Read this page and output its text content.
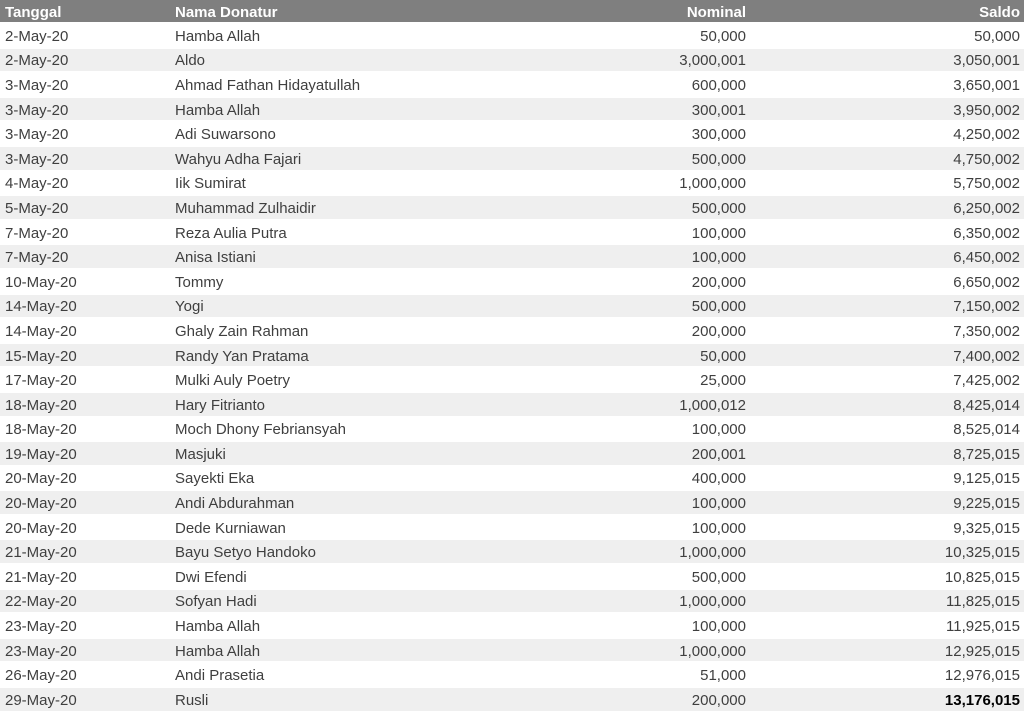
Tanggal	Nama Donatur	Nominal	Saldo
2-May-20	Hamba Allah	50,000	50,000
2-May-20	Aldo	3,000,001	3,050,001
3-May-20	Ahmad Fathan Hidayatullah	600,000	3,650,001
3-May-20	Hamba Allah	300,001	3,950,002
3-May-20	Adi Suwarsono	300,000	4,250,002
3-May-20	Wahyu Adha Fajari	500,000	4,750,002
4-May-20	Iik Sumirat	1,000,000	5,750,002
5-May-20	Muhammad Zulhaidir	500,000	6,250,002
7-May-20	Reza Aulia Putra	100,000	6,350,002
7-May-20	Anisa Istiani	100,000	6,450,002
10-May-20	Tommy	200,000	6,650,002
14-May-20	Yogi	500,000	7,150,002
14-May-20	Ghaly Zain Rahman	200,000	7,350,002
15-May-20	Randy Yan Pratama	50,000	7,400,002
17-May-20	Mulki Auly Poetry	25,000	7,425,002
18-May-20	Hary Fitrianto	1,000,012	8,425,014
18-May-20	Moch Dhony Febriansyah	100,000	8,525,014
19-May-20	Masjuki	200,001	8,725,015
20-May-20	Sayekti Eka	400,000	9,125,015
20-May-20	Andi Abdurahman	100,000	9,225,015
20-May-20	Dede Kurniawan	100,000	9,325,015
21-May-20	Bayu Setyo Handoko	1,000,000	10,325,015
21-May-20	Dwi Efendi	500,000	10,825,015
22-May-20	Sofyan Hadi	1,000,000	11,825,015
23-May-20	Hamba Allah	100,000	11,925,015
23-May-20	Hamba Allah	1,000,000	12,925,015
26-May-20	Andi Prasetia	51,000	12,976,015
29-May-20	Rusli	200,000	13,176,015
